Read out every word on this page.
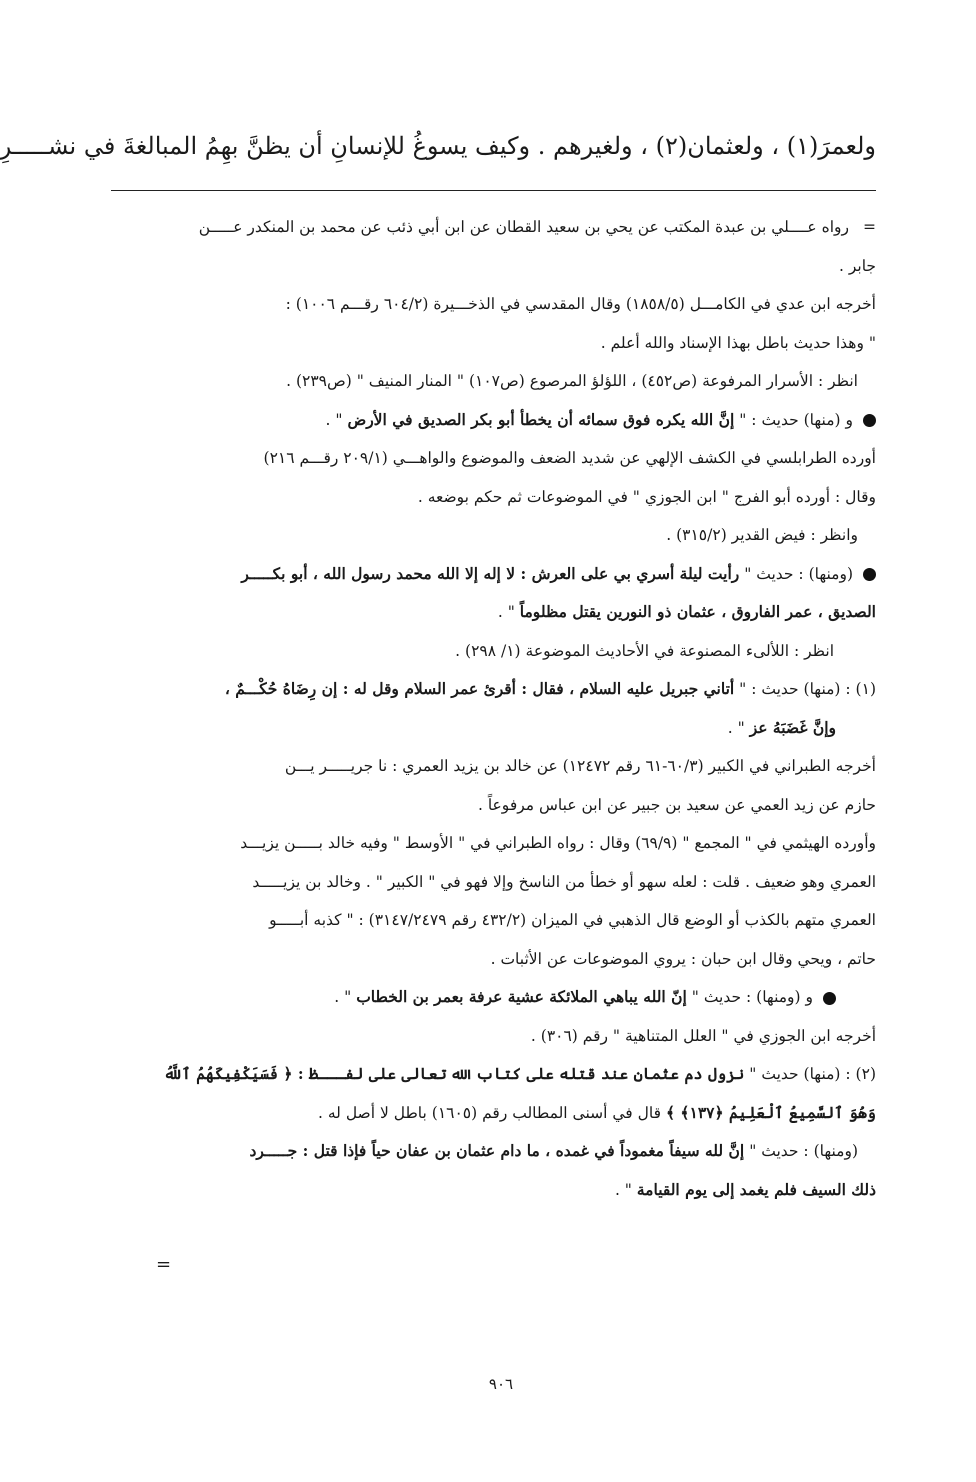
ولعمرَ(١) ، ولعثمان(٢) ، ولغيرهم . وكيف يسوغُ للإنسانِ أن يظنَّ بهِمُ المبالغةَ في نشـــــرِ
=رواه عــــلي بن عبدة المكتب عن يحي بن سعيد القطان عن ابن أبي ذئب عن محمد بن المنكدر عـــــن
جابر .
أخرجه ابن عدي في الكامـــل (١٨٥٨/٥) وقال المقدسي في الذخـــيرة (٦٠٤/٢ رقـــم ١٠٠٦) :
" وهذا حديث باطل بهذا الإسناد والله أعلم .
انظر : الأسرار المرفوعة (ص٤٥٢) ، اللؤلؤ المرصوع (ص١٠٧) " المنار المنيف " (ص٢٣٩) .
و (منها) حديث : " إنَّ الله يكره فوق سمائه أن يخطأ أبو بكر الصديق في الأرض " .
أورده الطرابلسي في الكشف الإلهي عن شديد الضعف والموضوع والواهـــي (٢٠٩/١ رقـــم ٢١٦)
وقال : أورده أبو الفرج " ابن الجوزي " في الموضوعات ثم حكم بوضعه .
وانظر : فيض القدير (٣١٥/٢) .
(ومنها) : حديث " رأيت ليلة أسري بي على العرش : لا إله إلا الله محمد رسول الله ، أبو بكـــــر
الصديق ، عمر الفاروق ، عثمان ذو النورين يقتل مظلوماً " .
انظر : اللألىء المصنوعة في الأحاديث الموضوعة (١/ ٢٩٨) .
(١) : (منها) حديث : " أتاني جبريل عليه السلام ، فقال : أقرئ عمر السلام وقل له : إن رِضَاهُ حُكْـــمٌ ،
وإنَّ غَضَبَهُ عز " .
أخرجه الطبراني في الكبير (٦٠/٣-٦١ رقم ١٢٤٧٢) عن خالد بن يزيد العمري : نا جريـــــر يـــن
حازم عن زيد العمي عن سعيد بن جبير عن ابن عباس مرفوعاً .
وأورده الهيثمي في " المجمع " (٦٩/٩) وقال : رواه الطبراني في " الأوسط " وفيه خالد بـــــن يزيـــد
العمري وهو ضعيف . قلت : لعله سهو أو خطأ من الناسخ وإلا فهو في " الكبير " . وخالد بن يزيـــــد
العمري متهم بالكذب أو الوضع قال الذهبي في الميزان (٤٣٢/٢ رقم ٣١٤٧/٢٤٧٩) : " كذبه أبـــــو
حاتم ، ويحي وقال ابن حبان : يروي الموضوعات عن الأثبات .
و (ومنها) : حديث " إنّ الله يباهي الملائكة عشية عرفة بعمر بن الخطاب " .
أخرجه ابن الجوزي في " العلل المتناهية " رقم (٣٠٦) .
(٢) : (منها) حديث " نزول دم عثمان عند قتله على كتاب الله تعالى على لفـــظ : ﴿ فَسَيَكْفِيكَهُمُ ٱللَّهُ
وَهُوَ ٱلسَّمِيعُ ٱلْعَلِيمُ ﴿١٣٧﴾ ﴾ قال في أسنى المطالب رقم (١٦٠٥) باطل لا أصل له .
(ومنها) : حديث " إنَّ لله سيفاً مغموداً في غمده ، ما دام عثمان بن عفان حياً فإذا قتل : جـــــرد
ذلك السيف فلم يغمد إلى يوم القيامة " .
=
٩٠٦
